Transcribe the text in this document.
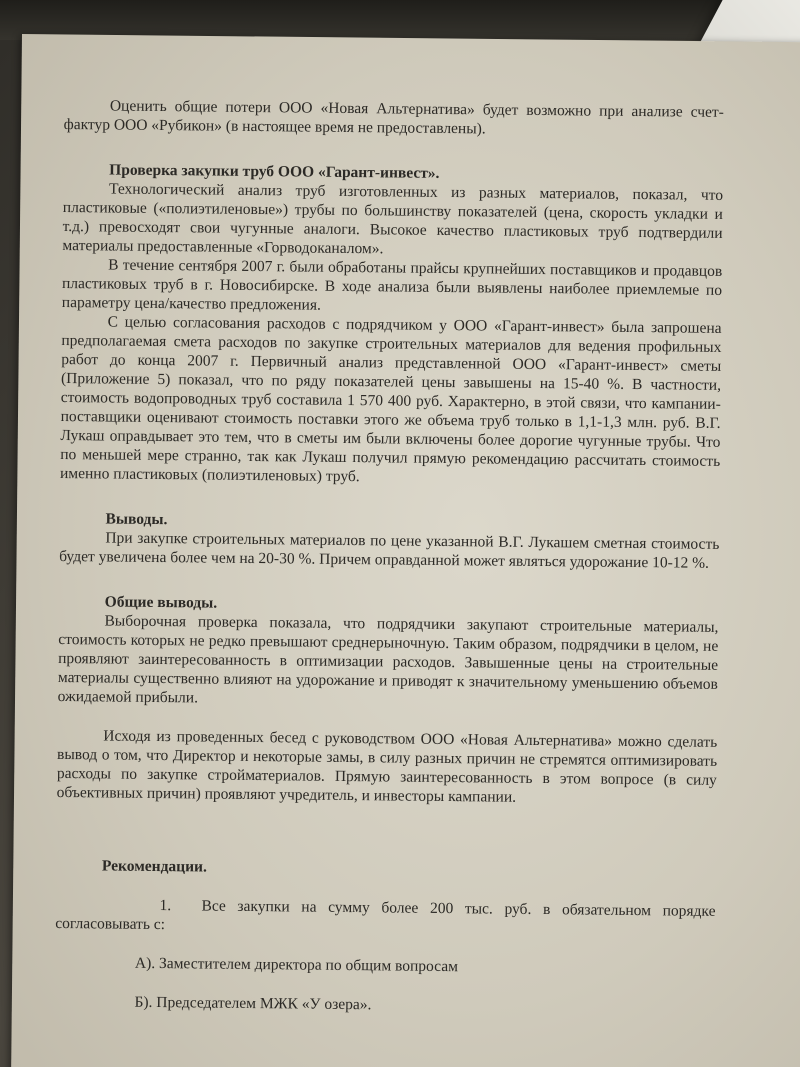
Оценить общие потери ООО «Новая Альтернатива» будет возможно при анализе счет-фактур ООО «Рубикон» (в настоящее время не предоставлены).

Проверка закупки труб ООО «Гарант-инвест».

Технологический анализ труб изготовленных из разных материалов, показал, что пластиковые («полиэтиленовые») трубы по большинству показателей (цена, скорость укладки и т.д.) превосходят свои чугунные аналоги. Высокое качество пластиковых труб подтвердили материалы предоставленные «Горводоканалом».

В течение сентября 2007 г. были обработаны прайсы крупнейших поставщиков и продавцов пластиковых труб в г. Новосибирске. В ходе анализа были выявлены наиболее приемлемые по параметру цена/качество предложения.

С целью согласования расходов с подрядчиком у ООО «Гарант-инвест» была запрошена предполагаемая смета расходов по закупке строительных материалов для ведения профильных работ до конца 2007 г. Первичный анализ представленной ООО «Гарант-инвест» сметы (Приложение 5) показал, что по ряду показателей цены завышены на 15-40 %. В частности, стоимость водопроводных труб составила 1 570 400 руб. Характерно, в этой связи, что кампании- поставщики оценивают стоимость поставки этого же объема труб только в 1,1-1,3 млн. руб. В.Г. Лукаш оправдывает это тем, что в сметы им были включены более дорогие чугунные трубы. Что по меньшей мере странно, так как Лукаш получил прямую рекомендацию рассчитать стоимость именно пластиковых (полиэтиленовых) труб.

Выводы.

При закупке строительных материалов по цене указанной В.Г. Лукашем сметная стоимость будет увеличена более чем на 20-30 %. Причем оправданной может являться удорожание 10-12 %.

Общие выводы.

Выборочная проверка показала, что подрядчики закупают строительные материалы, стоимость которых не редко превышают среднерыночную. Таким образом, подрядчики в целом, не проявляют заинтересованность в оптимизации расходов. Завышенные цены на строительные материалы существенно влияют на удорожание и приводят к значительному уменьшению объемов ожидаемой прибыли.

Исходя из проведенных бесед с руководством ООО «Новая Альтернатива» можно сделать вывод о том, что Директор и некоторые замы, в силу разных причин не стремятся оптимизировать расходы по закупке стройматериалов. Прямую заинтересованность в этом вопросе (в силу объективных причин) проявляют учредитель, и инвесторы кампании.

Рекомендации.

1. Все закупки на сумму более 200 тыс. руб. в обязательном порядке согласовывать с:

А). Заместителем директора по общим вопросам

Б). Председателем МЖК «У озера».
